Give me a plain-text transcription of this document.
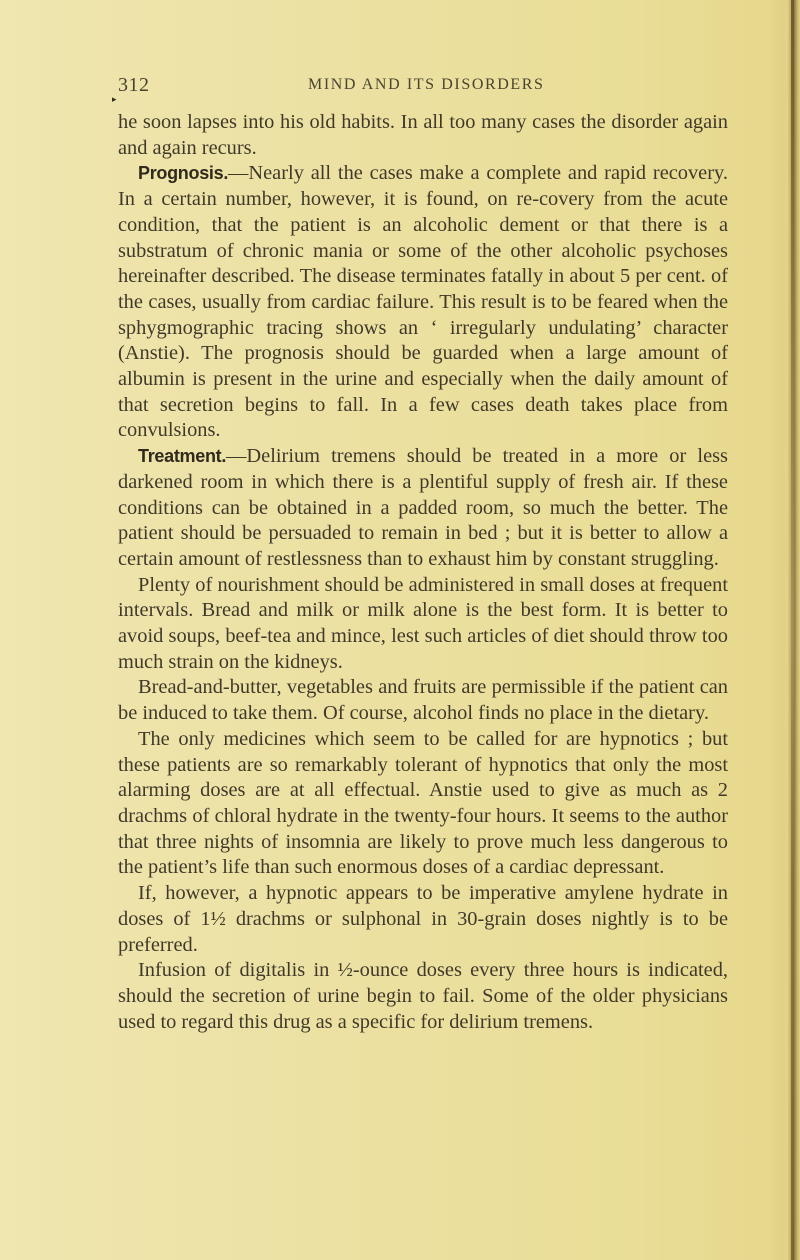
312
▸
MIND AND ITS DISORDERS

he soon lapses into his old habits. In all too many cases the disorder again and again recurs.

Prognosis.—Nearly all the cases make a complete and rapid recovery. In a certain number, however, it is found, on re-covery from the acute condition, that the patient is an alcoholic dement or that there is a substratum of chronic mania or some of the other alcoholic psychoses hereinafter described. The disease terminates fatally in about 5 per cent. of the cases, usually from cardiac failure. This result is to be feared when the sphygmographic tracing shows an ‘ irregularly undulating’ character (Anstie). The prognosis should be guarded when a large amount of albumin is present in the urine and especially when the daily amount of that secretion begins to fall. In a few cases death takes place from convulsions.

Treatment.—Delirium tremens should be treated in a more or less darkened room in which there is a plentiful supply of fresh air. If these conditions can be obtained in a padded room, so much the better. The patient should be persuaded to remain in bed ; but it is better to allow a certain amount of restlessness than to exhaust him by constant struggling.

Plenty of nourishment should be administered in small doses at frequent intervals. Bread and milk or milk alone is the best form. It is better to avoid soups, beef-tea and mince, lest such articles of diet should throw too much strain on the kidneys.

Bread-and-butter, vegetables and fruits are permissible if the patient can be induced to take them. Of course, alcohol finds no place in the dietary.

The only medicines which seem to be called for are hypnotics ; but these patients are so remarkably tolerant of hypnotics that only the most alarming doses are at all effectual. Anstie used to give as much as 2 drachms of chloral hydrate in the twenty-four hours. It seems to the author that three nights of insomnia are likely to prove much less dangerous to the patient’s life than such enormous doses of a cardiac depressant.

If, however, a hypnotic appears to be imperative amylene hydrate in doses of 1½ drachms or sulphonal in 30-grain doses nightly is to be preferred.

Infusion of digitalis in ½-ounce doses every three hours is indicated, should the secretion of urine begin to fail. Some of the older physicians used to regard this drug as a specific for delirium tremens.
